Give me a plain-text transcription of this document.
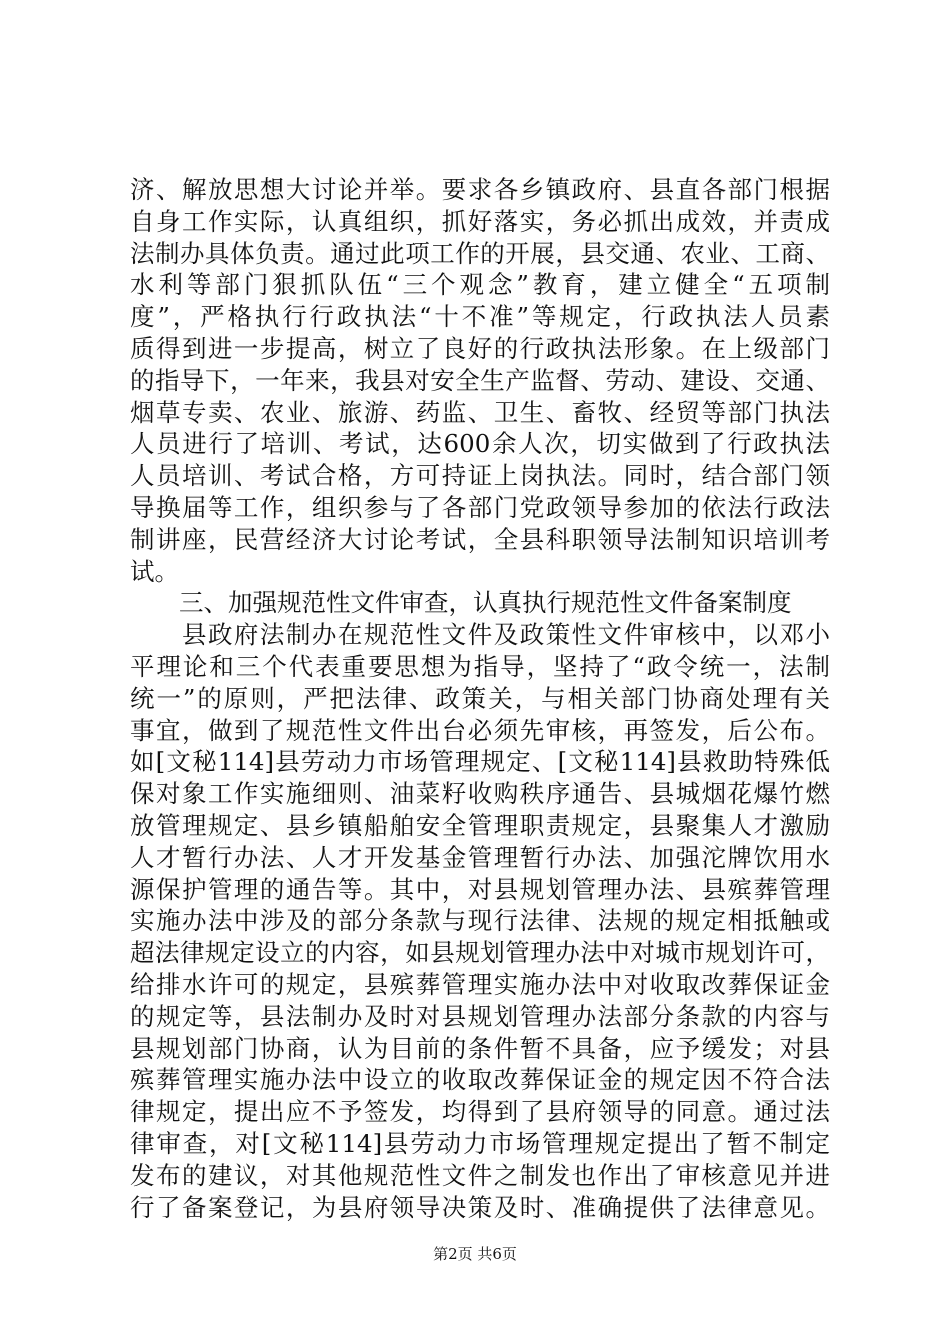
济、解放思想大讨论并举。要求各乡镇政府、县直各部门根据
自身工作实际，认真组织，抓好落实，务必抓出成效，并责成
法制办具体负责。通过此项工作的开展，县交通、农业、工商、
水利等部门狠抓队伍“三个观念”教育，建立健全“五项制
度”，严格执行行政执法“十不准”等规定，行政执法人员素
质得到进一步提高，树立了良好的行政执法形象。在上级部门
的指导下，一年来，我县对安全生产监督、劳动、建设、交通、
烟草专卖、农业、旅游、药监、卫生、畜牧、经贸等部门执法
人员进行了培训、考试，达600余人次，切实做到了行政执法
人员培训、考试合格，方可持证上岗执法。同时，结合部门领
导换届等工作，组织参与了各部门党政领导参加的依法行政法
制讲座，民营经济大讨论考试，全县科职领导法制知识培训考
试。
　　三、加强规范性文件审查，认真执行规范性文件备案制度
　　县政府法制办在规范性文件及政策性文件审核中，以邓小
平理论和三个代表重要思想为指导，坚持了“政令统一，法制
统一”的原则，严把法律、政策关，与相关部门协商处理有关
事宜，做到了规范性文件出台必须先审核，再签发，后公布。
如[文秘114]县劳动力市场管理规定、[文秘114]县救助特殊低
保对象工作实施细则、油菜籽收购秩序通告、县城烟花爆竹燃
放管理规定、县乡镇船舶安全管理职责规定，县聚集人才激励
人才暂行办法、人才开发基金管理暂行办法、加强沱牌饮用水
源保护管理的通告等。其中，对县规划管理办法、县殡葬管理
实施办法中涉及的部分条款与现行法律、法规的规定相抵触或
超法律规定设立的内容，如县规划管理办法中对城市规划许可，
给排水许可的规定，县殡葬管理实施办法中对收取改葬保证金
的规定等，县法制办及时对县规划管理办法部分条款的内容与
县规划部门协商，认为目前的条件暂不具备，应予缓发；对县
殡葬管理实施办法中设立的收取改葬保证金的规定因不符合法
律规定，提出应不予签发，均得到了县府领导的同意。通过法
律审查，对[文秘114]县劳动力市场管理规定提出了暂不制定
发布的建议，对其他规范性文件之制发也作出了审核意见并进
行了备案登记，为县府领导决策及时、准确提供了法律意见。
第2页 共6页
